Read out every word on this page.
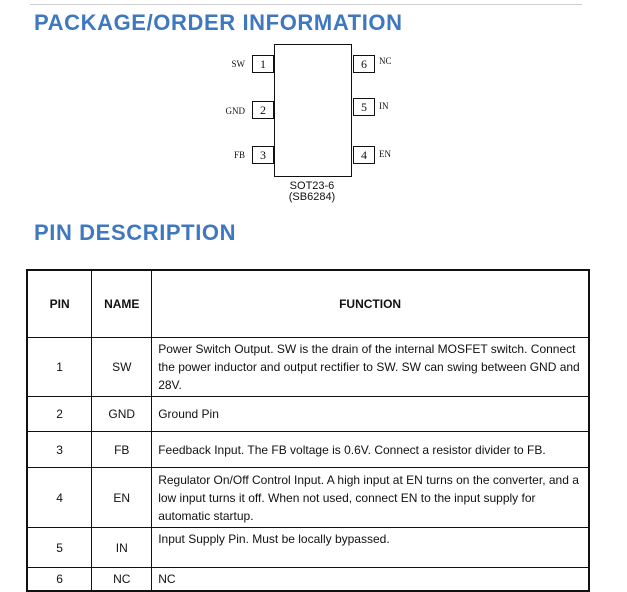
PACKAGE/ORDER INFORMATION
SW	1
GND	2
FB	3
6	NC
5	IN
4	EN
SOT23-6
(SB6284)
PIN DESCRIPTION
PIN	NAME	FUNCTION
1	SW	Power Switch Output. SW is the drain of the internal MOSFET switch. Connect the power inductor and output rectifier to SW. SW can swing between GND and 28V.
2	GND	Ground Pin
3	FB	Feedback Input. The FB voltage is 0.6V. Connect a resistor divider to FB.
4	EN	Regulator On/Off Control Input. A high input at EN turns on the converter, and a low input turns it off. When not used, connect EN to the input supply for automatic startup.
5	IN	Input Supply Pin. Must be locally bypassed.
6	NC	NC
